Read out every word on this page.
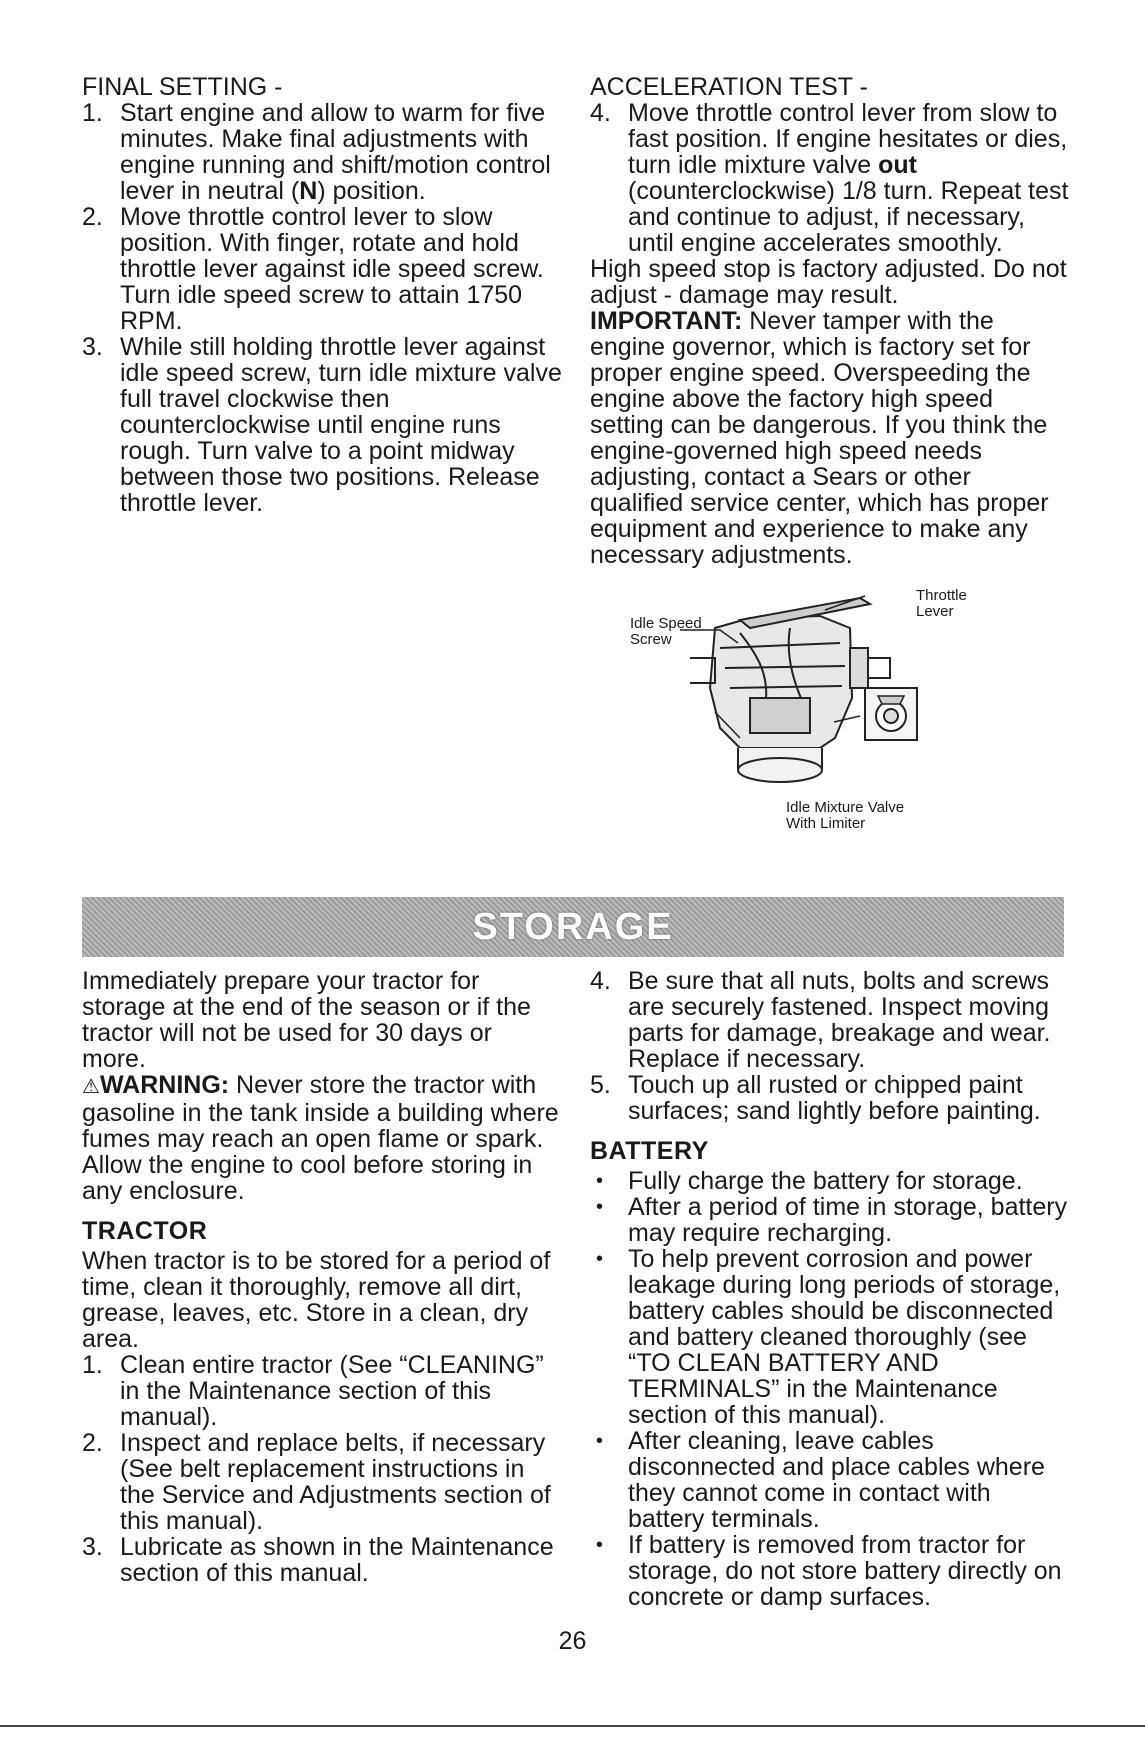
FINAL SETTING -

1. Start engine and allow to warm for five minutes. Make final adjustments with engine running and shift/motion control lever in neutral (N) position.
2. Move throttle control lever to slow position. With finger, rotate and hold throttle lever against idle speed screw. Turn idle speed screw to attain 1750 RPM.
3. While still holding throttle lever against idle speed screw, turn idle mixture valve full travel clockwise then counterclockwise until engine runs rough. Turn valve to a point midway between those two positions. Release throttle lever.

ACCELERATION TEST -

4. Move throttle control lever from slow to fast position. If engine hesitates or dies, turn idle mixture valve out (counterclockwise) 1/8 turn. Repeat test and continue to adjust, if necessary, until engine accelerates smoothly.

High speed stop is factory adjusted. Do not adjust - damage may result.

IMPORTANT: Never tamper with the engine governor, which is factory set for proper engine speed. Overspeeding the engine above the factory high speed setting can be dangerous. If you think the engine-governed high speed needs adjusting, contact a Sears or other qualified service center, which has proper equipment and experience to make any necessary adjustments.

Throttle
Lever
Idle Speed
Screw
Idle Mixture Valve
With Limiter
STORAGE

Immediately prepare your tractor for storage at the end of the season or if the tractor will not be used for 30 days or more.

⚠WARNING: Never store the tractor with gasoline in the tank inside a building where fumes may reach an open flame or spark. Allow the engine to cool before storing in any enclosure.

TRACTOR

When tractor is to be stored for a period of time, clean it thoroughly, remove all dirt, grease, leaves, etc. Store in a clean, dry area.

1. Clean entire tractor (See “CLEANING” in the Maintenance section of this manual).
2. Inspect and replace belts, if necessary (See belt replacement instructions in the Service and Adjustments section of this manual).
3. Lubricate as shown in the Maintenance section of this manual.
4. Be sure that all nuts, bolts and screws are securely fastened. Inspect moving parts for damage, breakage and wear. Replace if necessary.
5. Touch up all rusted or chipped paint surfaces; sand lightly before painting.

BATTERY

• Fully charge the battery for storage.
• After a period of time in storage, battery may require recharging.
• To help prevent corrosion and power leakage during long periods of storage, battery cables should be disconnected and battery cleaned thoroughly (see “TO CLEAN BATTERY AND TERMINALS” in the Maintenance section of this manual).
• After cleaning, leave cables disconnected and place cables where they cannot come in contact with battery terminals.
• If battery is removed from tractor for storage, do not store battery directly on concrete or damp surfaces.
26
